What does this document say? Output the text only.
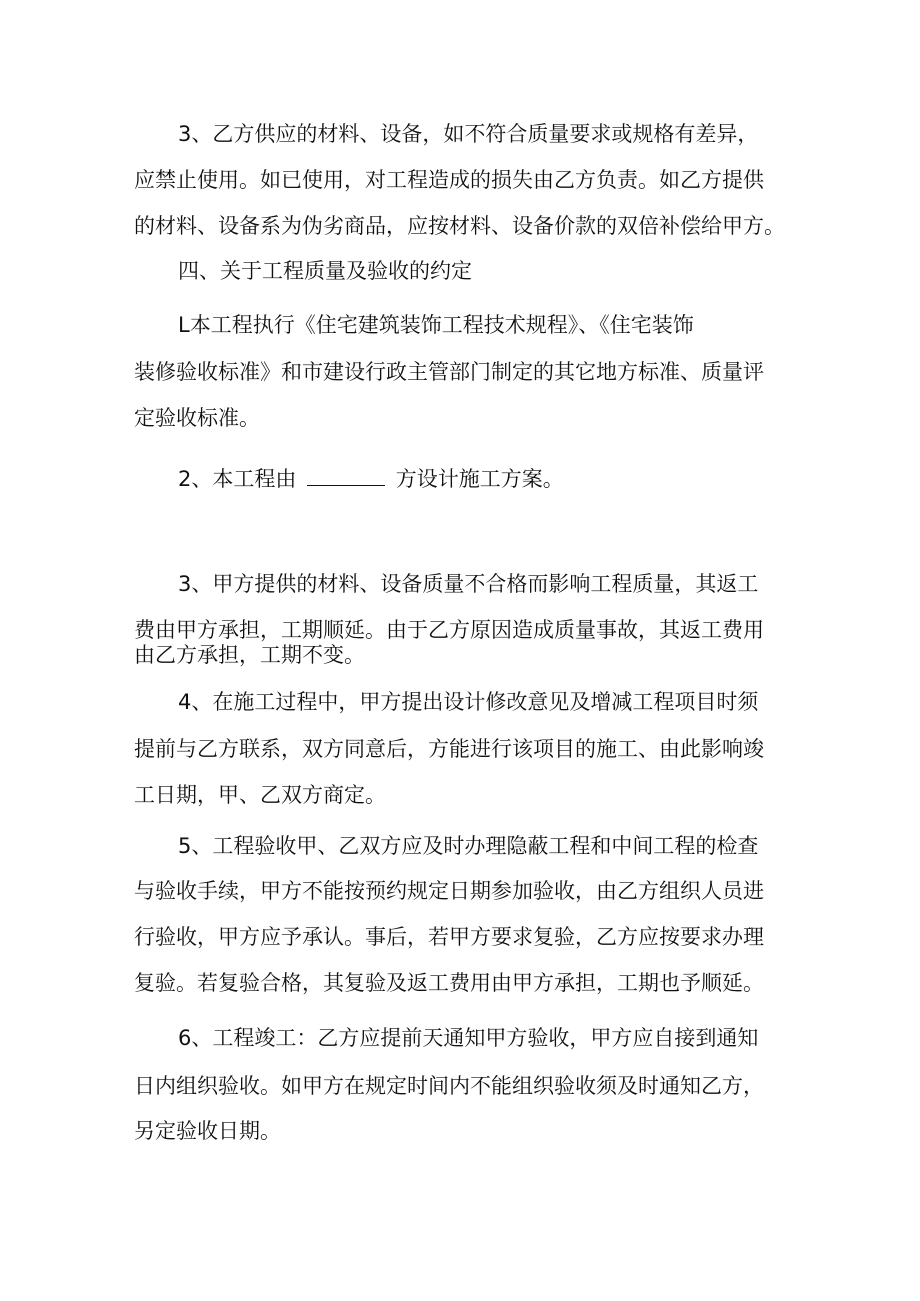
3、乙方供应的材料、设备，如不符合质量要求或规格有差异，

应禁止使用。如已使用，对工程造成的损失由乙方负责。如乙方提供

的材料、设备系为伪劣商品，应按材料、设备价款的双倍补偿给甲方。

四、关于工程质量及验收的约定

L本工程执行《住宅建筑装饰工程技术规程》、《住宅装饰

装修验收标准》和市建设行政主管部门制定的其它地方标准、质量评

定验收标准。

2、本工程由	方设计施工方案。

3、甲方提供的材料、设备质量不合格而影响工程质量，其返工

费由甲方承担，工期顺延。由于乙方原因造成质量事故，其返工费用

由乙方承担，工期不变。

4、在施工过程中，甲方提出设计修改意见及增减工程项目时须

提前与乙方联系，双方同意后，方能进行该项目的施工、由此影响竣

工日期，甲、乙双方商定。

5、工程验收甲、乙双方应及时办理隐蔽工程和中间工程的检查

与验收手续，甲方不能按预约规定日期参加验收，由乙方组织人员进

行验收，甲方应予承认。事后，若甲方要求复验，乙方应按要求办理

复验。若复验合格，其复验及返工费用由甲方承担，工期也予顺延。

6、工程竣工：乙方应提前天通知甲方验收，甲方应自接到通知

日内组织验收。如甲方在规定时间内不能组织验收须及时通知乙方，

另定验收日期。
